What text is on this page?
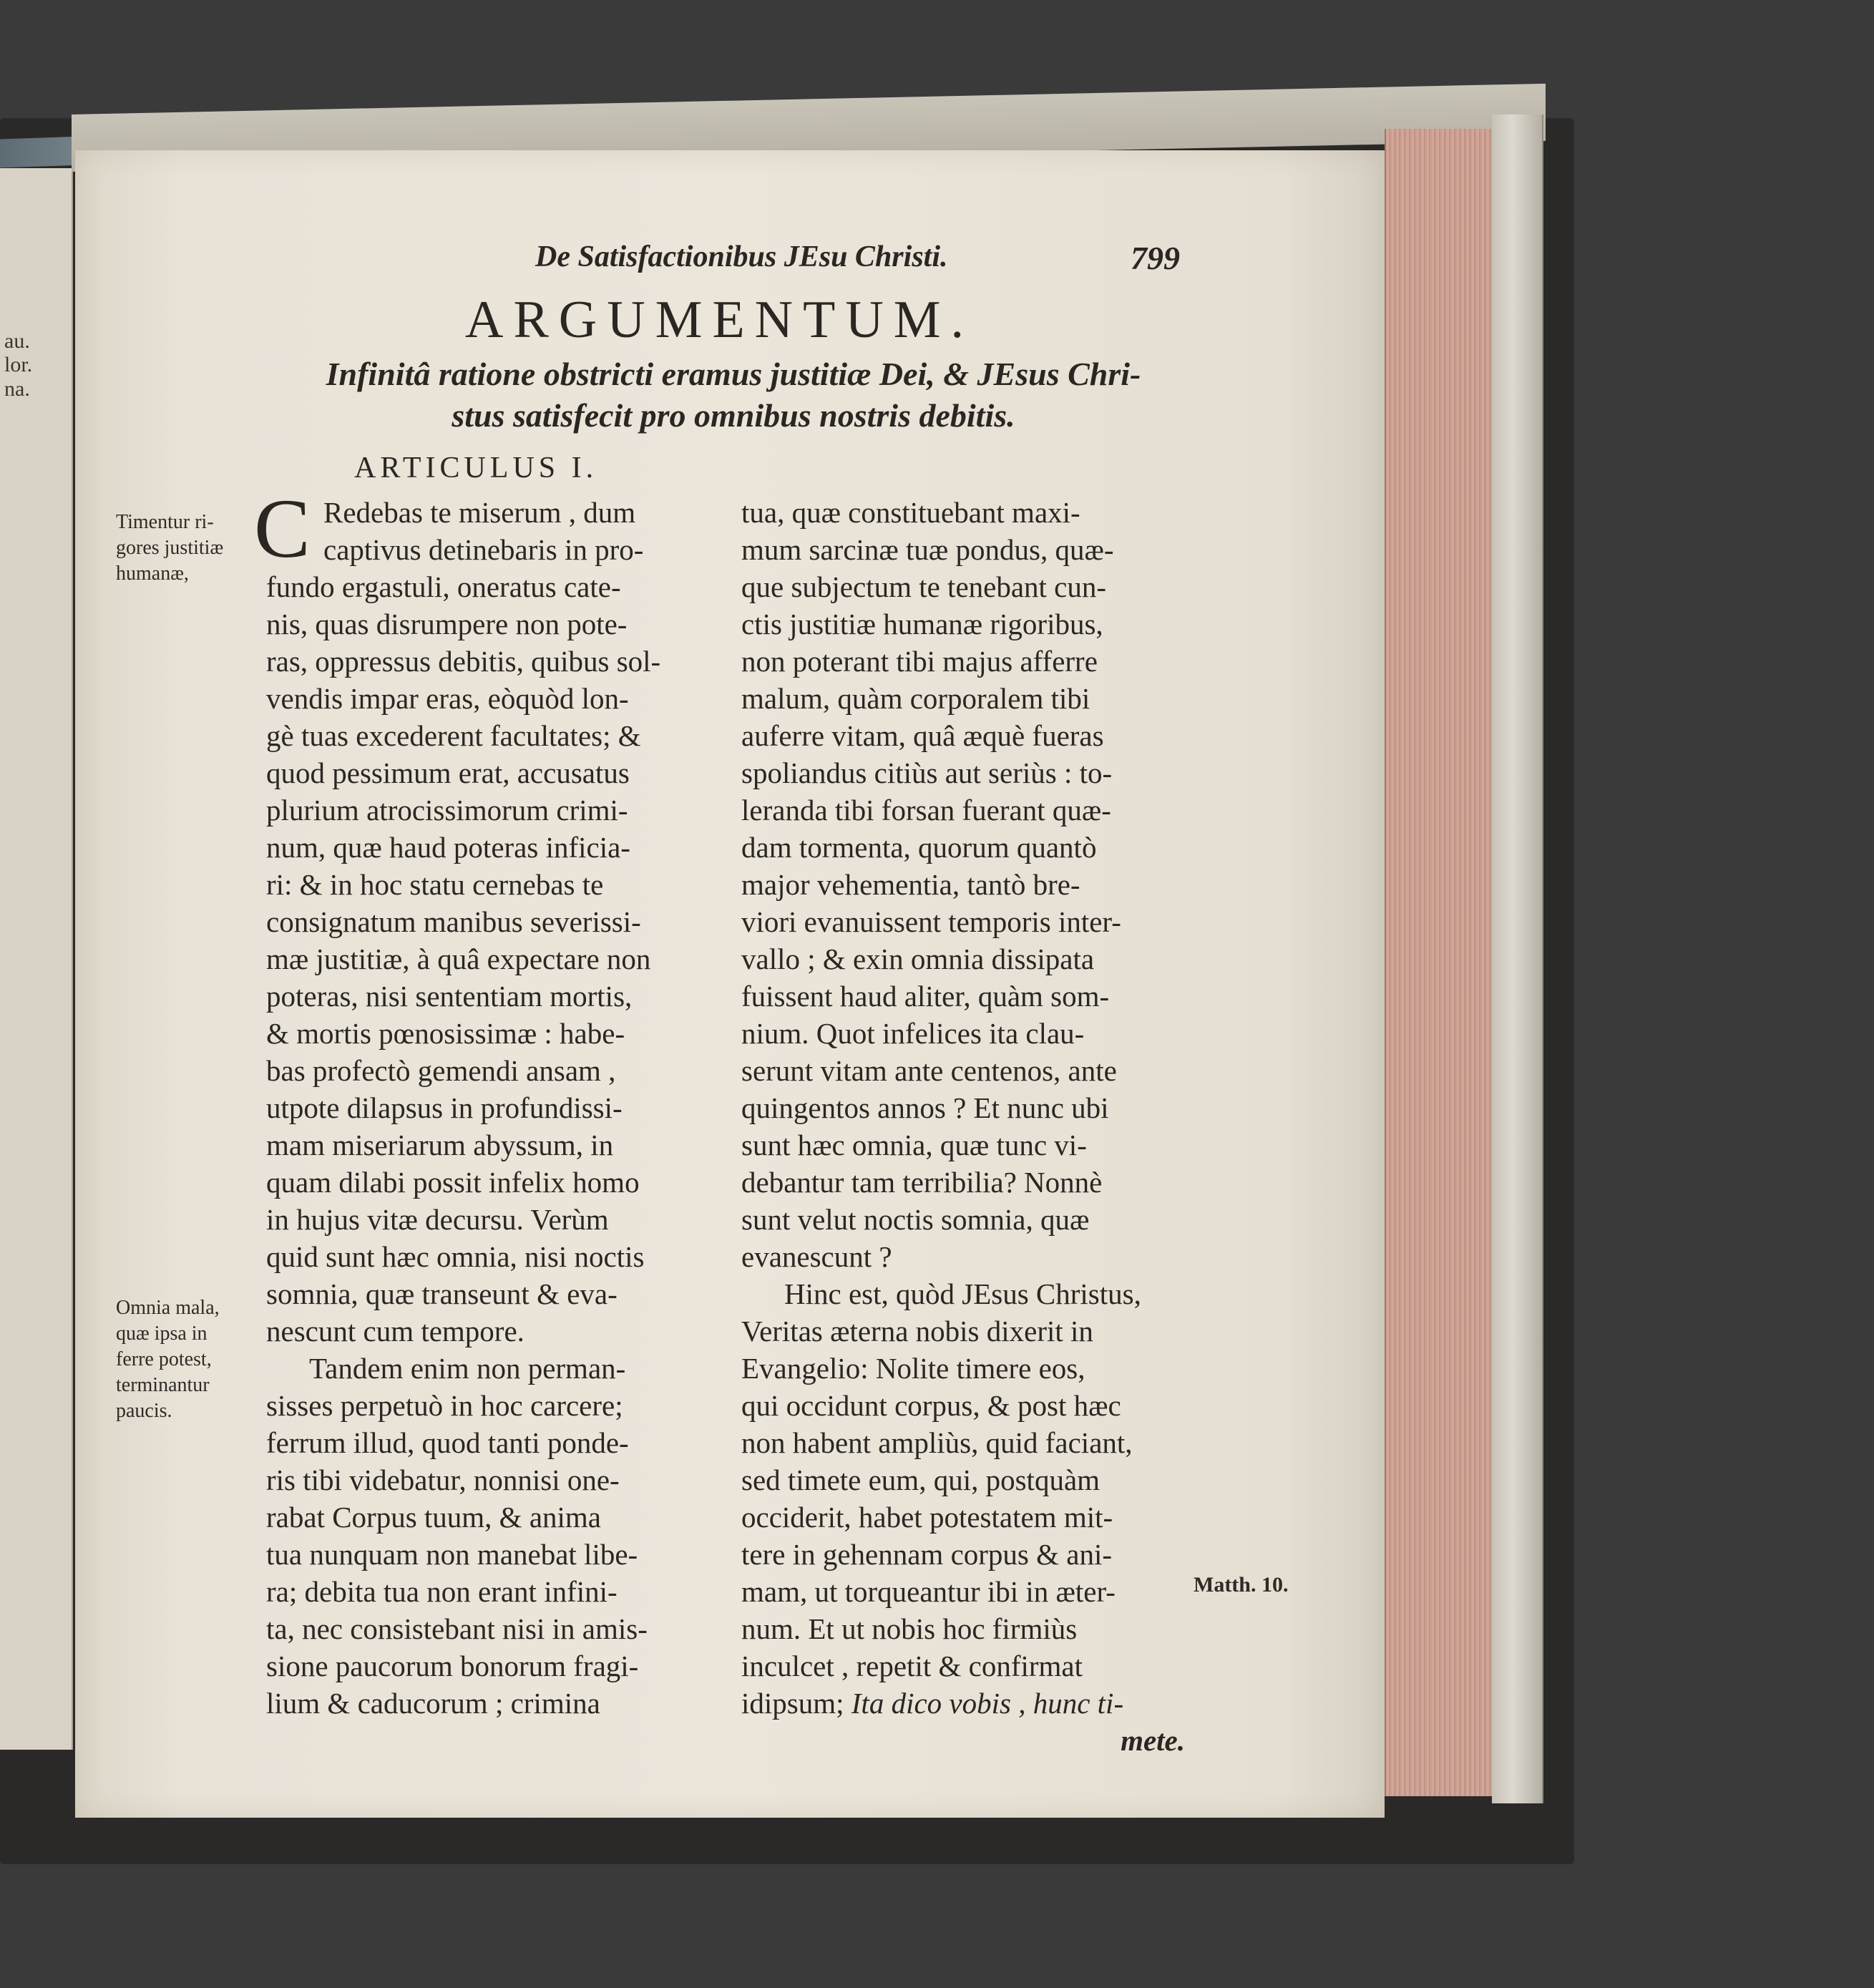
au.
lor.
na.
De Satisfactionibus JEsu Christi.	799
ARGUMENTUM.
Infinitâ ratione obstricti eramus justitiæ Dei, & JEsus Chri-
stus satisfecit pro omnibus nostris debitis.
ARTICULUS I.
Timentur ri-
gores justitiæ
humanæ,
Omnia mala,
quæ ipsa in
ferre potest,
terminantur
paucis.
Matth. 10.
C Redebas te miserum , dum
captivus detinebaris in pro-
fundo ergastuli, oneratus cate-
nis, quas disrumpere non pote-
ras, oppressus debitis, quibus sol-
vendis impar eras, eòquòd lon-
gè tuas excederent facultates; &
quod pessimum erat, accusatus
plurium atrocissimorum crimi-
num, quæ haud poteras inficia-
ri: & in hoc statu cernebas te
consignatum manibus severissi-
mæ justitiæ, à quâ expectare non
poteras, nisi sententiam mortis,
& mortis pœnosissimæ : habe-
bas profectò gemendi ansam ,
utpote dilapsus in profundissi-
mam miseriarum abyssum, in
quam dilabi possit infelix homo
in hujus vitæ decursu. Verùm
quid sunt hæc omnia, nisi noctis
somnia, quæ transeunt & eva-
nescunt cum tempore.
Tandem enim non perman-
sisses perpetuò in hoc carcere;
ferrum illud, quod tanti ponde-
ris tibi videbatur, nonnisi one-
rabat Corpus tuum, & anima
tua nunquam non manebat libe-
ra; debita tua non erant infini-
ta, nec consistebant nisi in amis-
sione paucorum bonorum fragi-
lium & caducorum ; crimina
tua, quæ constituebant maxi-
mum sarcinæ tuæ pondus, quæ-
que subjectum te tenebant cun-
ctis justitiæ humanæ rigoribus,
non poterant tibi majus afferre
malum, quàm corporalem tibi
auferre vitam, quâ æquè fueras
spoliandus citiùs aut seriùs : to-
leranda tibi forsan fuerant quæ-
dam tormenta, quorum quantò
major vehementia, tantò bre-
viori evanuissent temporis inter-
vallo ; & exin omnia dissipata
fuissent haud aliter, quàm som-
nium. Quot infelices ita clau-
serunt vitam ante centenos, ante
quingentos annos ? Et nunc ubi
sunt hæc omnia, quæ tunc vi-
debantur tam terribilia? Nonnè
sunt velut noctis somnia, quæ
evanescunt ?
Hinc est, quòd JEsus Christus,
Veritas æterna nobis dixerit in
Evangelio: Nolite timere eos,
qui occidunt corpus, & post hæc
non habent ampliùs, quid faciant,
sed timete eum, qui, postquàm
occiderit, habet potestatem mit-
tere in gehennam corpus & ani-
mam, ut torqueantur ibi in æter-
num. Et ut nobis hoc firmiùs
inculcet , repetit & confirmat
idipsum; Ita dico vobis , hunc ti-
mete.
